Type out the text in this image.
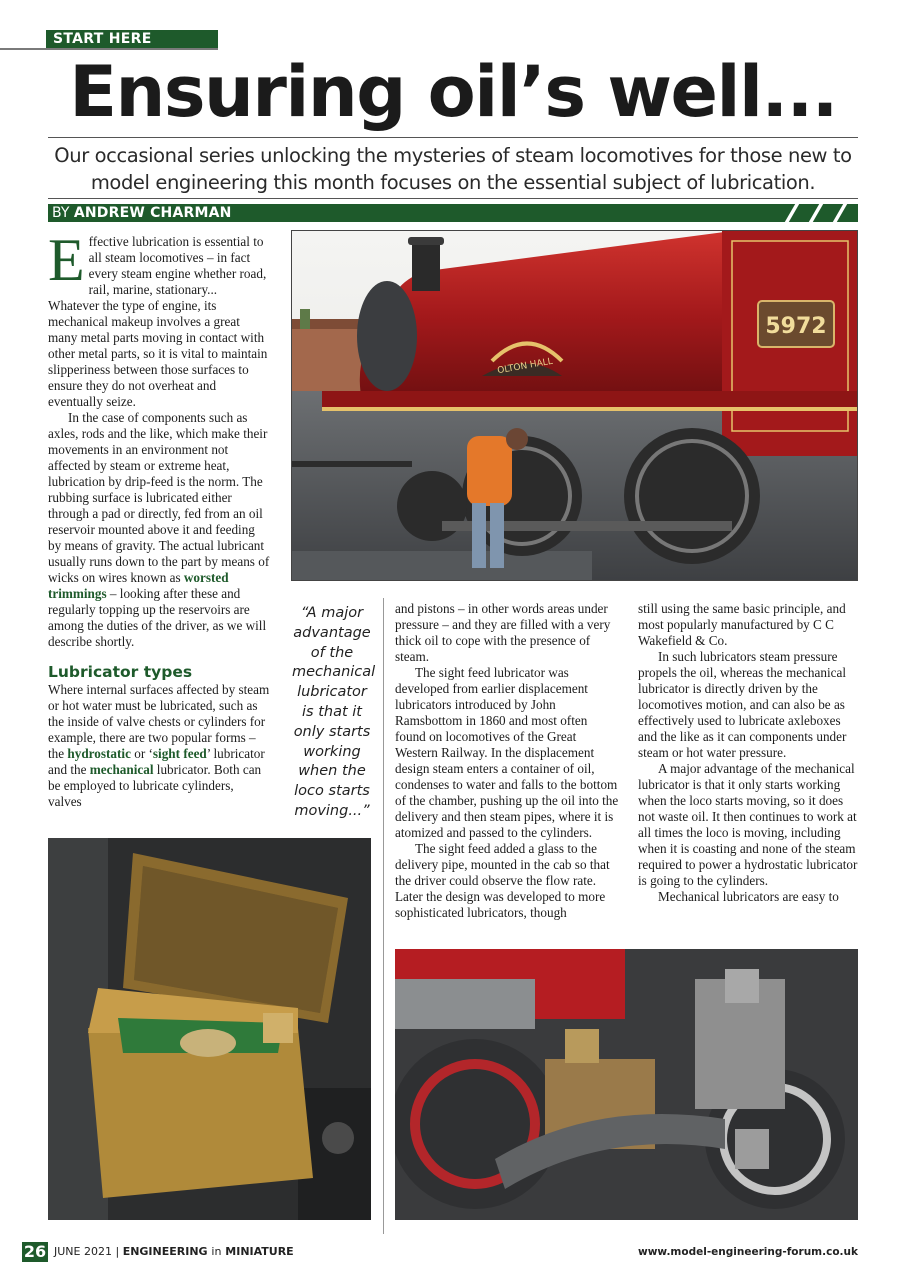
START HERE
Ensuring oil’s well...
Our occasional series unlocking the mysteries of steam locomotives for those new to model engineering this month focuses on the essential subject of lubrication.
BY ANDREW CHARMAN

Effective lubrication is essential to all steam locomotives – in fact every steam engine whether road, rail, marine, stationary... Whatever the type of engine, its mechanical makeup involves a great many metal parts moving in contact with other metal parts, so it is vital to maintain slipperiness between those surfaces to ensure they do not overheat and eventually seize.

In the case of components such as axles, rods and the like, which make their movements in an environment not affected by steam or extreme heat, lubrication by drip-feed is the norm. The rubbing surface is lubricated either through a pad or directly, fed from an oil reservoir mounted above it and feeding by means of gravity. The actual lubricant usually runs down to the part by means of wicks on wires known as worsted trimmings – looking after these and regularly topping up the reservoirs are among the duties of the driver, as we will describe shortly.

Lubricator types

Where internal surfaces affected by steam or hot water must be lubricated, such as the inside of valve chests or cylinders for example, there are two popular forms – the hydrostatic or ‘sight feed’ lubricator and the mechanical lubricator. Both can be employed to lubricate cylinders, valves

“A major advantage of the mechanical lubricator is that it only starts working when the loco starts moving...”

and pistons – in other words areas under pressure – and they are filled with a very thick oil to cope with the presence of steam.

The sight feed lubricator was developed from earlier displacement lubricators introduced by John Ramsbottom in 1860 and most often found on locomotives of the Great Western Railway. In the displacement design steam enters a container of oil, condenses to water and falls to the bottom of the chamber, pushing up the oil into the delivery and then steam pipes, where it is atomized and passed to the cylinders.

The sight feed added a glass to the delivery pipe, mounted in the cab so that the driver could observe the flow rate. Later the design was developed to more sophisticated lubricators, though

still using the same basic principle, and most popularly manufactured by C C Wakefield & Co.

In such lubricators steam pressure propels the oil, whereas the mechanical lubricator is directly driven by the locomotives motion, and can also be as effectively used to lubricate axleboxes and the like as it can components under steam or hot water pressure.

A major advantage of the mechanical lubricator is that it only starts working when the loco starts moving, so it does not waste oil. It then continues to work at all times the loco is moving, including when it is coasting and none of the steam required to power a hydrostatic lubricator is going to the cylinders.

Mechanical lubricators are easy to

OLTON HALL
5972
26 JUNE 2021 | ENGINEERING in MINIATURE	www.model-engineering-forum.co.uk
